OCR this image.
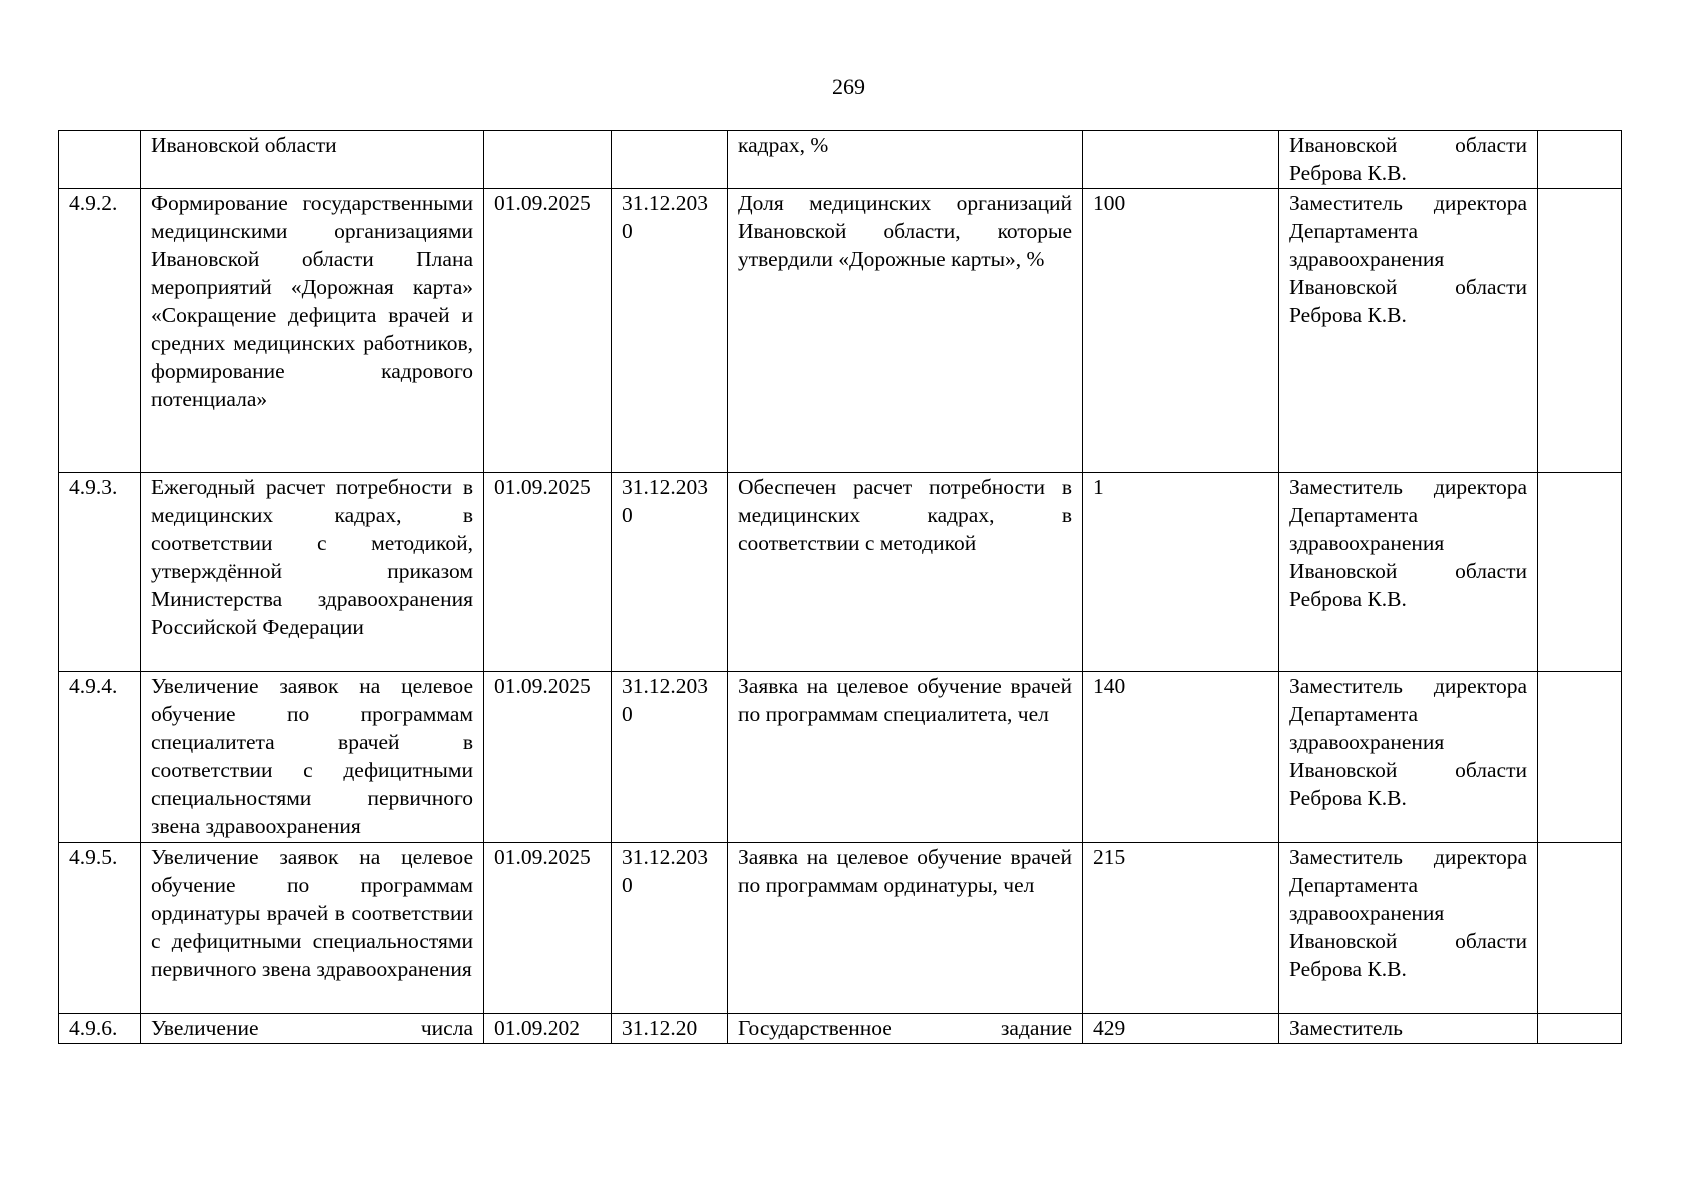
269
	Ивановской области			кадрах, %		Ивановской области Реброва К.В.	
4.9.2.	Формирование государственными медицинскими организациями Ивановской области Плана мероприятий «Дорожная карта» «Сокращение дефицита врачей и средних медицинских работников, формирование кадрового потенциала»	01.09.2025	31.12.2030	Доля медицинских организаций Ивановской области, которые утвердили «Дорожные карты», %	100	Заместитель директора Департамента здравоохранения Ивановской области Реброва К.В.	
4.9.3.	Ежегодный расчет потребности в медицинских кадрах, в соответствии с методикой, утверждённой приказом Министерства здравоохранения Российской Федерации	01.09.2025	31.12.2030	Обеспечен расчет потребности в медицинских кадрах, в соответствии с методикой	1	Заместитель директора Департамента здравоохранения Ивановской области Реброва К.В.	
4.9.4.	Увеличение заявок на целевое обучение по программам специалитета врачей в соответствии с дефицитными специальностями первичного звена здравоохранения	01.09.2025	31.12.2030	Заявка на целевое обучение врачей по программам специалитета, чел	140	Заместитель директора Департамента здравоохранения Ивановской области Реброва К.В.	
4.9.5.	Увеличение заявок на целевое обучение по программам ординатуры врачей в соответствии с дефицитными специальностями первичного звена здравоохранения	01.09.2025	31.12.2030	Заявка на целевое обучение врачей по программам ординатуры, чел	215	Заместитель директора Департамента здравоохранения Ивановской области Реброва К.В.	
4.9.6.	Увеличение числа	01.09.202	31.12.20	Государственное задание	429	Заместитель	
